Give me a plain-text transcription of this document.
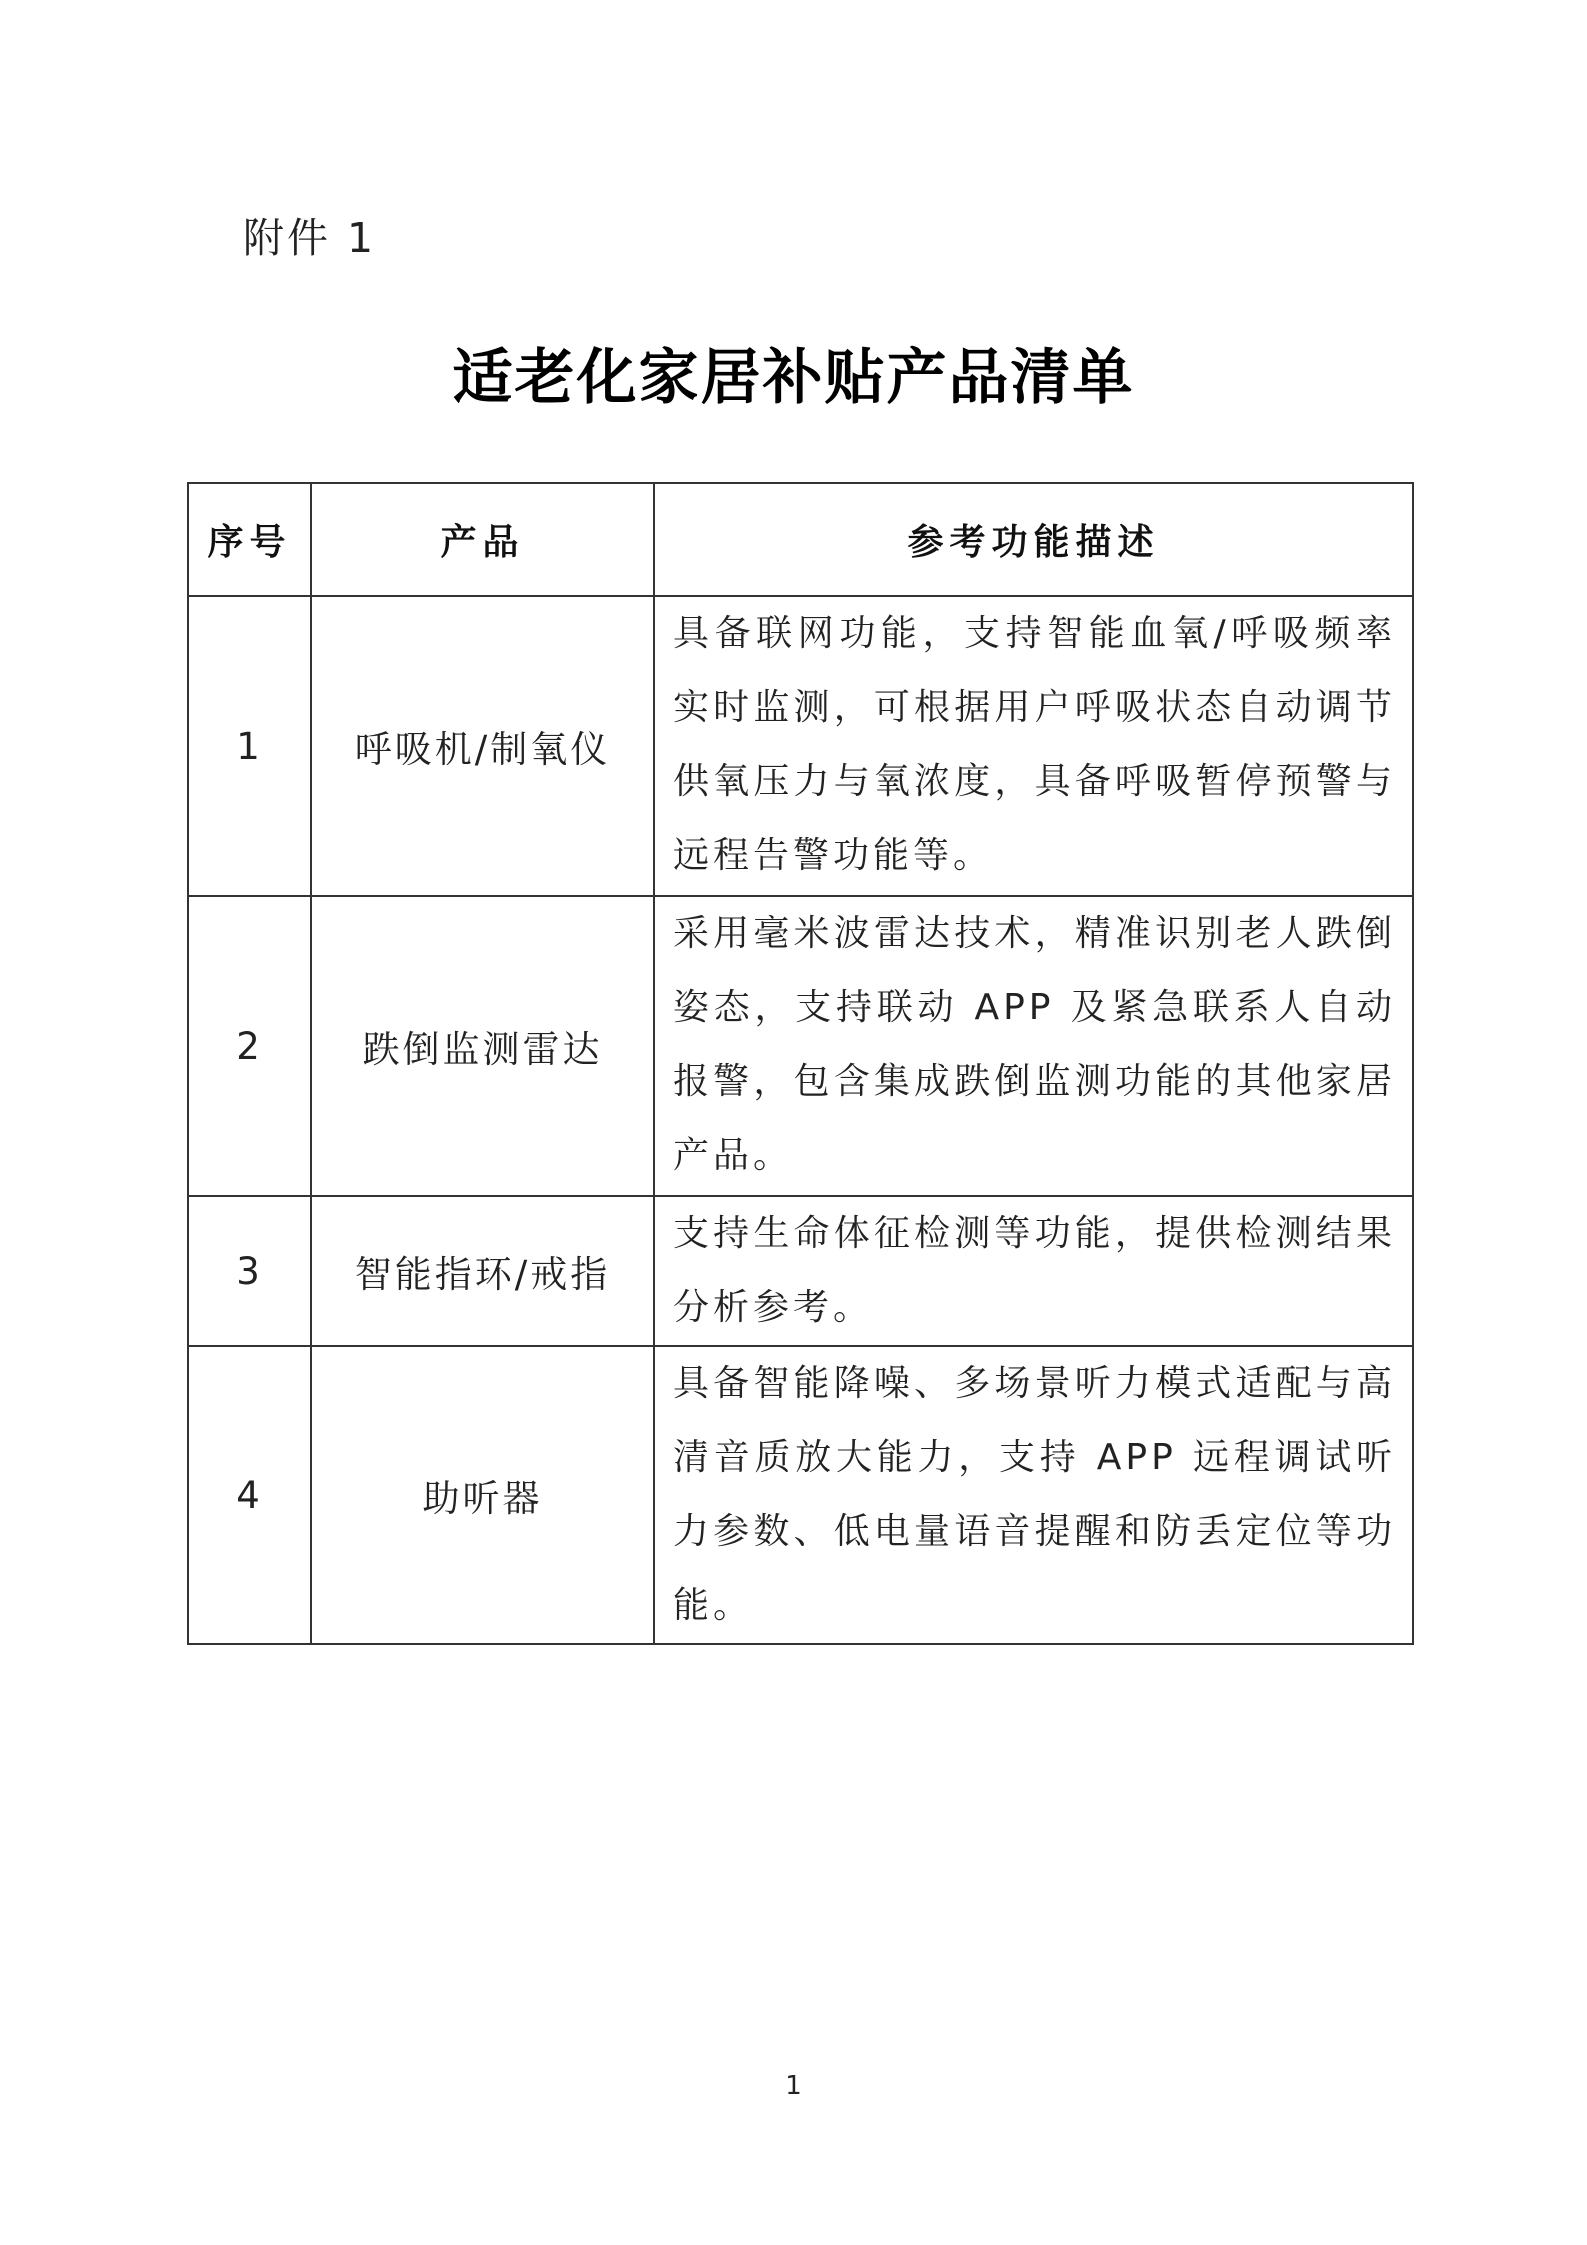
附件 1
适老化家居补贴产品清单
序号	产品	参考功能描述
1	呼吸机/制氧仪	具备联网功能，支持智能血氧/呼吸频率实时监测，可根据用户呼吸状态自动调节供氧压力与氧浓度，具备呼吸暂停预警与远程告警功能等。
2	跌倒监测雷达	采用毫米波雷达技术，精准识别老人跌倒姿态，支持联动 APP 及紧急联系人自动报警，包含集成跌倒监测功能的其他家居产品。
3	智能指环/戒指	支持生命体征检测等功能，提供检测结果分析参考。
4	助听器	具备智能降噪、多场景听力模式适配与高清音质放大能力，支持 APP 远程调试听力参数、低电量语音提醒和防丢定位等功能。
1
